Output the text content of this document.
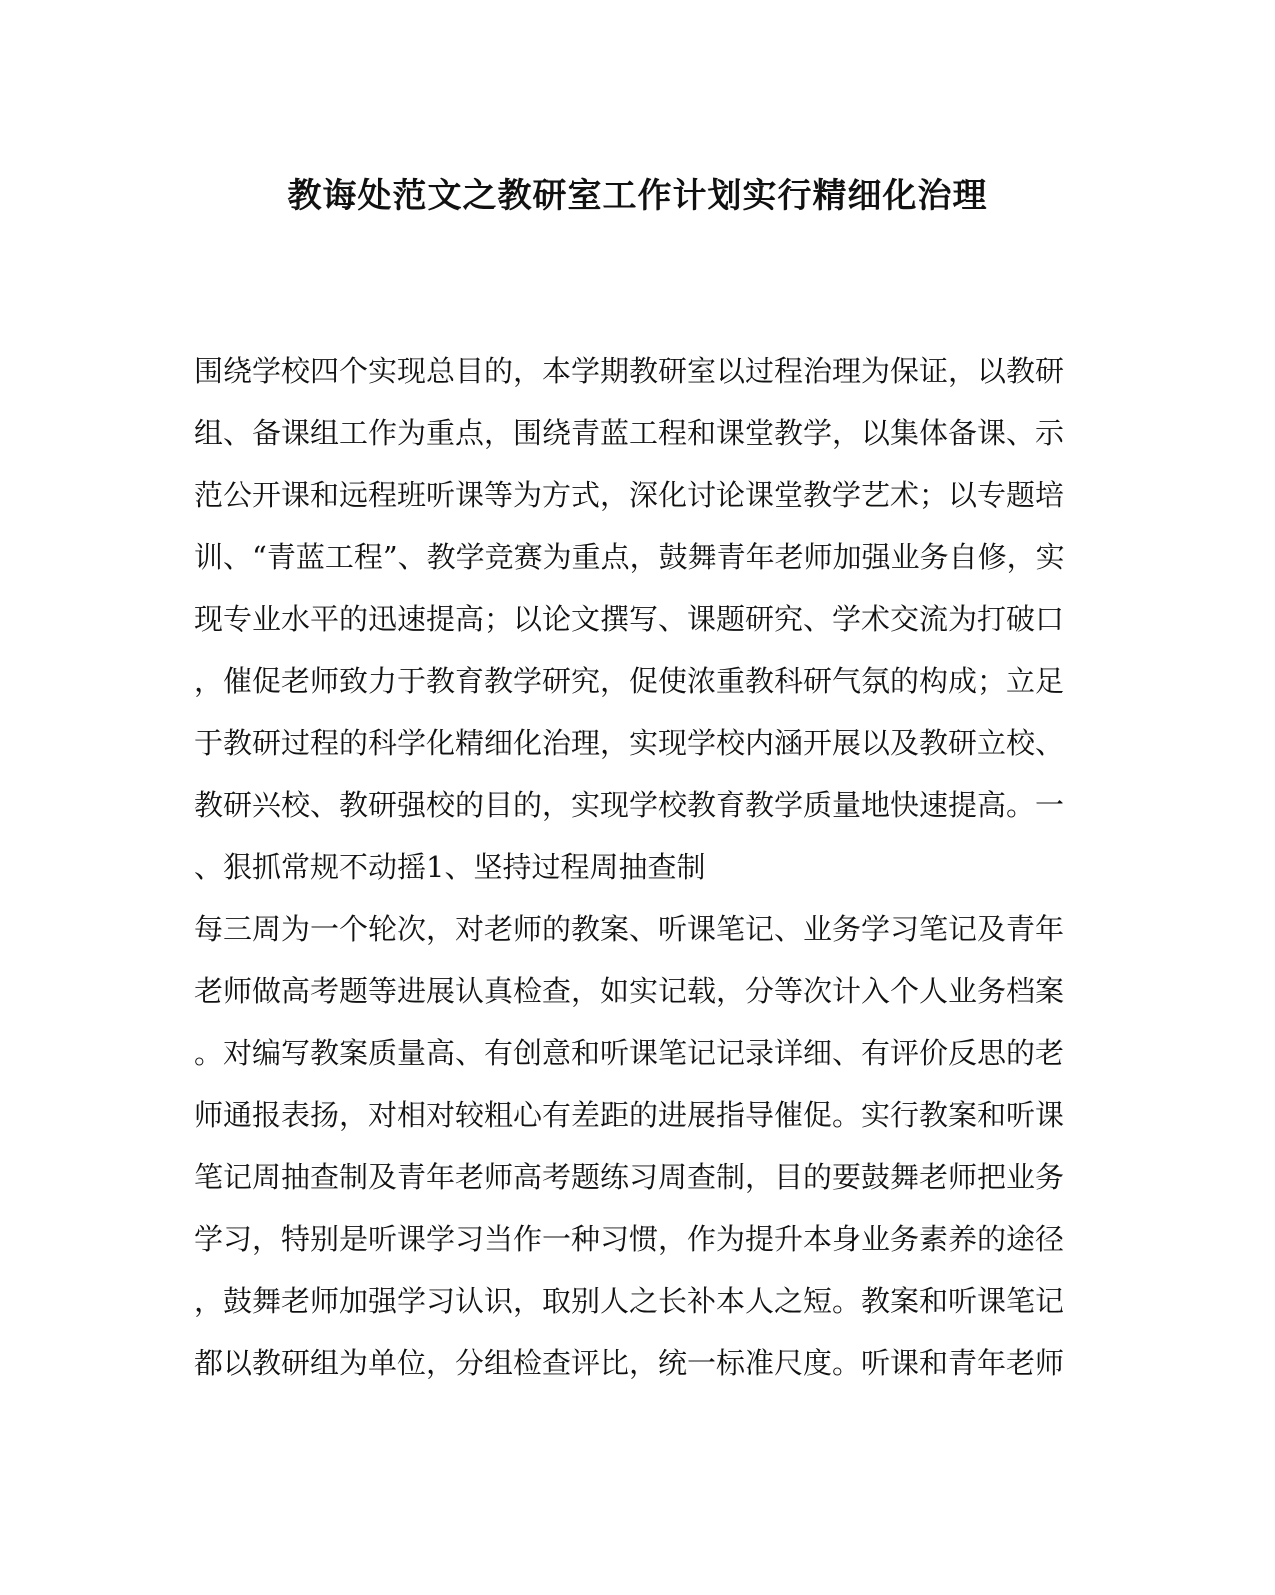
教诲处范文之教研室工作计划实行精细化治理
围绕学校四个实现总目的，本学期教研室以过程治理为保证，以教研
组、备课组工作为重点，围绕青蓝工程和课堂教学，以集体备课、示
范公开课和远程班听课等为方式，深化讨论课堂教学艺术；以专题培
训、“青蓝工程”、教学竞赛为重点，鼓舞青年老师加强业务自修，实
现专业水平的迅速提高；以论文撰写、课题研究、学术交流为打破口
，催促老师致力于教育教学研究，促使浓重教科研气氛的构成；立足
于教研过程的科学化精细化治理，实现学校内涵开展以及教研立校、
教研兴校、教研强校的目的，实现学校教育教学质量地快速提高。一
、狠抓常规不动摇1、坚持过程周抽查制
每三周为一个轮次，对老师的教案、听课笔记、业务学习笔记及青年
老师做高考题等进展认真检查，如实记载，分等次计入个人业务档案
。对编写教案质量高、有创意和听课笔记记录详细、有评价反思的老
师通报表扬，对相对较粗心有差距的进展指导催促。实行教案和听课
笔记周抽查制及青年老师高考题练习周查制，目的要鼓舞老师把业务
学习，特别是听课学习当作一种习惯，作为提升本身业务素养的途径
，鼓舞老师加强学习认识，取别人之长补本人之短。教案和听课笔记
都以教研组为单位，分组检查评比，统一标准尺度。听课和青年老师
